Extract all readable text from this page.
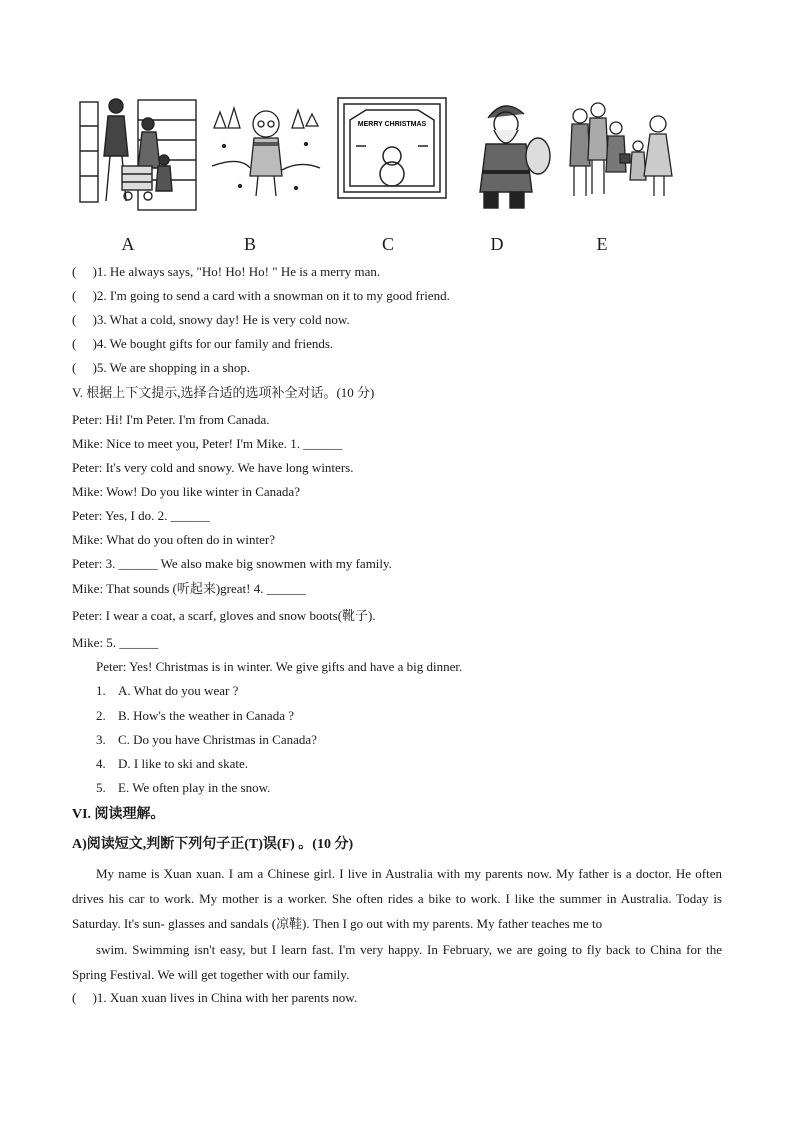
MERRY CHRISTMAS
A	B	C	D	E
(　 )1. He always says, "Ho! Ho! Ho! " He is a merry man.
(　 )2. I'm going to send a card with a snowman on it to my good friend.
(　 )3. What a cold, snowy day! He is very cold now.
(　 )4. We bought gifts for our family and friends.
(　 )5. We are shopping in a shop.
V. 根据上下文提示,选择合适的选项补全对话。(10 分)
Peter: Hi! I'm Peter. I'm from Canada.
Mike: Nice to meet you, Peter! I'm Mike. 1. ______
Peter: It's very cold and snowy. We have long winters.
Mike: Wow! Do you like winter in Canada?
Peter: Yes, I do. 2. ______
Mike: What do you often do in winter?
Peter: 3. ______ We also make big snowmen with my family.
Mike: That sounds (听起来)great! 4. ______
Peter: I wear a coat, a scarf, gloves and snow boots(靴子).
Mike: 5. ______
Peter: Yes! Christmas is in winter. We give gifts and have a big dinner.
1. A. What do you wear ?
2. B. How's the weather in Canada ?
3. C. Do you have Christmas in Canada?
4. D. I like to ski and skate.
5. E. We often play in the snow.
VI. 阅读理解。
A)阅读短文,判断下列句子正(T)误(F) 。(10 分)
My name is Xuan xuan. I am a Chinese girl. I live in Australia with my parents now. My father is a doctor. He often drives his car to work. My mother is a worker. She often rides a bike to work. I like the summer in Australia. Today is Saturday. It's sun- glasses and sandals (凉鞋). Then I go out with my parents. My father teaches me to
swim. Swimming isn't easy, but I learn fast. I'm very happy. In February, we are going to fly back to China for the Spring Festival. We will get together with our family.
(　 )1. Xuan xuan lives in China with her parents now.
